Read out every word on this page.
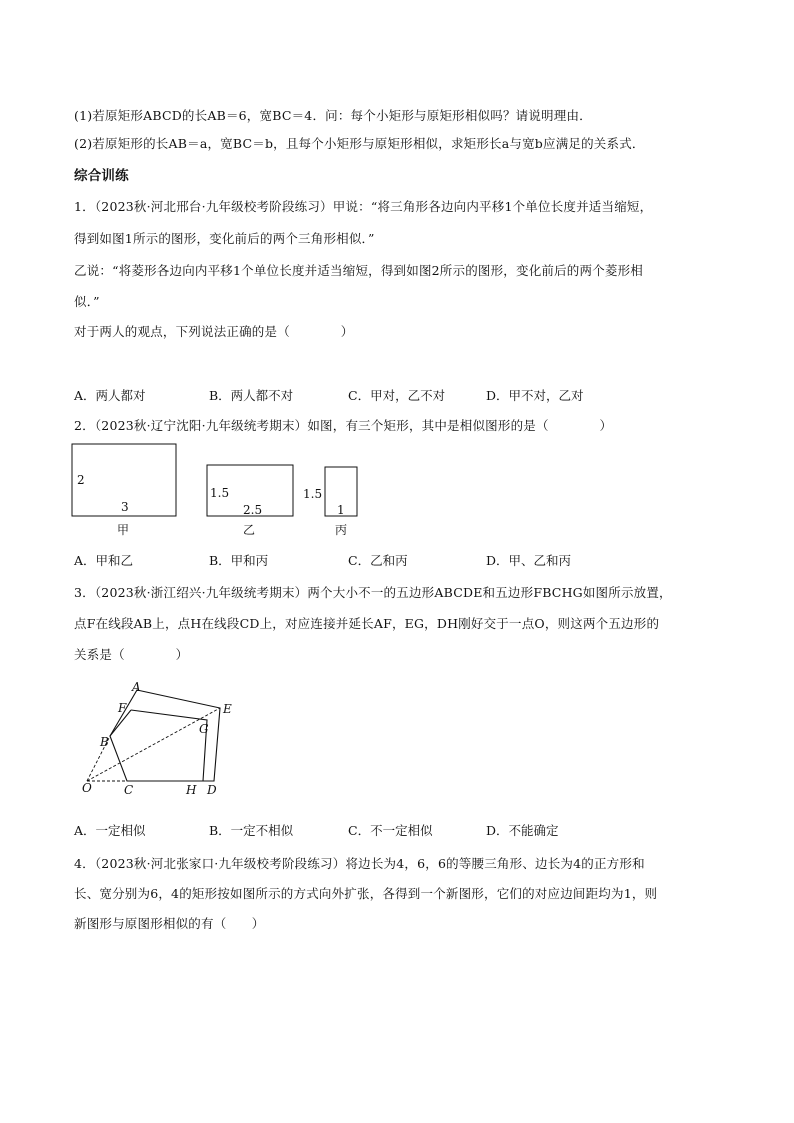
(1)若原矩形ABCD的长AB＝6，宽BC＝4．问：每个小矩形与原矩形相似吗？请说明理由．
(2)若原矩形的长AB＝a，宽BC＝b，且每个小矩形与原矩形相似，求矩形长a与宽b应满足的关系式．
综合训练
1．（2023秋·河北邢台·九年级校考阶段练习）甲说：“将三角形各边向内平移1个单位长度并适当缩短，
得到如图1所示的图形，变化前后的两个三角形相似．”
乙说：“将菱形各边向内平移1个单位长度并适当缩短，得到如图2所示的图形，变化前后的两个菱形相
似．”
对于两人的观点，下列说法正确的是（　　　　）
A．两人都对	B．两人都不对	C．甲对，乙不对	D．甲不对，乙对
2．（2023秋·辽宁沈阳·九年级统考期末）如图，有三个矩形，其中是相似图形的是（　　　　）
2
3
甲
1.5
2.5
乙
1.5
1
丙
A．甲和乙	B．甲和丙	C．乙和丙	D．甲、乙和丙
3．（2023秋·浙江绍兴·九年级统考期末）两个大小不一的五边形ABCDE和五边形FBCHG如图所示放置，
点F在线段AB上，点H在线段CD上，对应连接并延长AF，EG，DH刚好交于一点O，则这两个五边形的
关系是（　　　　）
A
F	E
G
B
O	C	H D
A．一定相似	B．一定不相似	C．不一定相似	D．不能确定
4．（2023秋·河北张家口·九年级校考阶段练习）将边长为4，6，6的等腰三角形、边长为4的正方形和
长、宽分别为6，4的矩形按如图所示的方式向外扩张，各得到一个新图形，它们的对应边间距均为1，则
新图形与原图形相似的有（　　）
